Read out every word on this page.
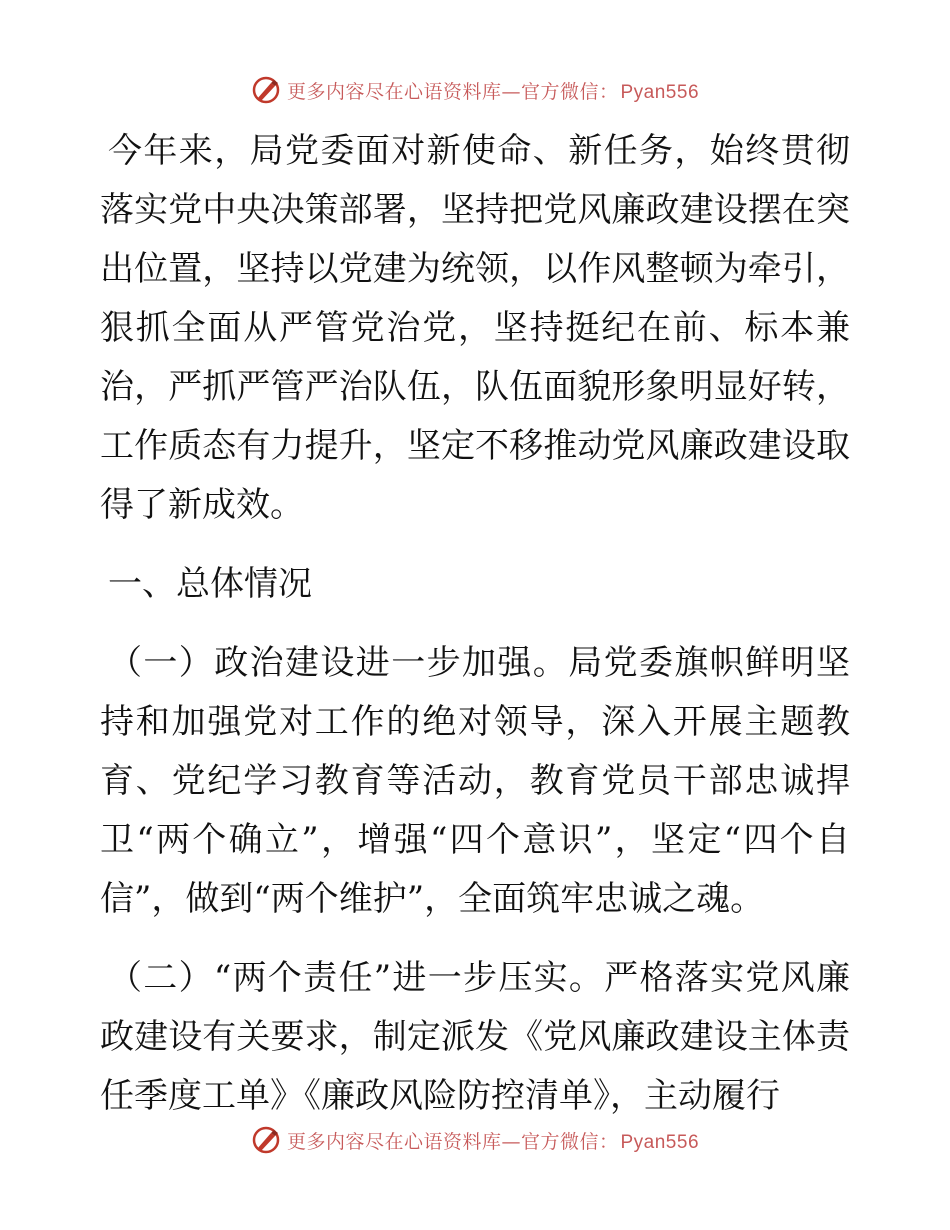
更多内容尽在心语资料库—官方微信： Pyan556

今年来，局党委面对新使命、新任务，始终贯彻落实党中央决策部署，坚持把党风廉政建设摆在突出位置，坚持以党建为统领，以作风整顿为牵引，狠抓全面从严管党治党，坚持挺纪在前、标本兼治，严抓严管严治队伍，队伍面貌形象明显好转，工作质态有力提升，坚定不移推动党风廉政建设取得了新成效。

一、总体情况

（一）政治建设进一步加强。局党委旗帜鲜明坚持和加强党对工作的绝对领导，深入开展主题教育、党纪学习教育等活动，教育党员干部忠诚捍卫“两个确立”，增强“四个意识”，坚定“四个自信”，做到“两个维护”，全面筑牢忠诚之魂。

（二）“两个责任”进一步压实。严格落实党风廉政建设有关要求，制定派发《党风廉政建设主体责任季度工单》《廉政风险防控清单》，主动履行

更多内容尽在心语资料库—官方微信： Pyan556
